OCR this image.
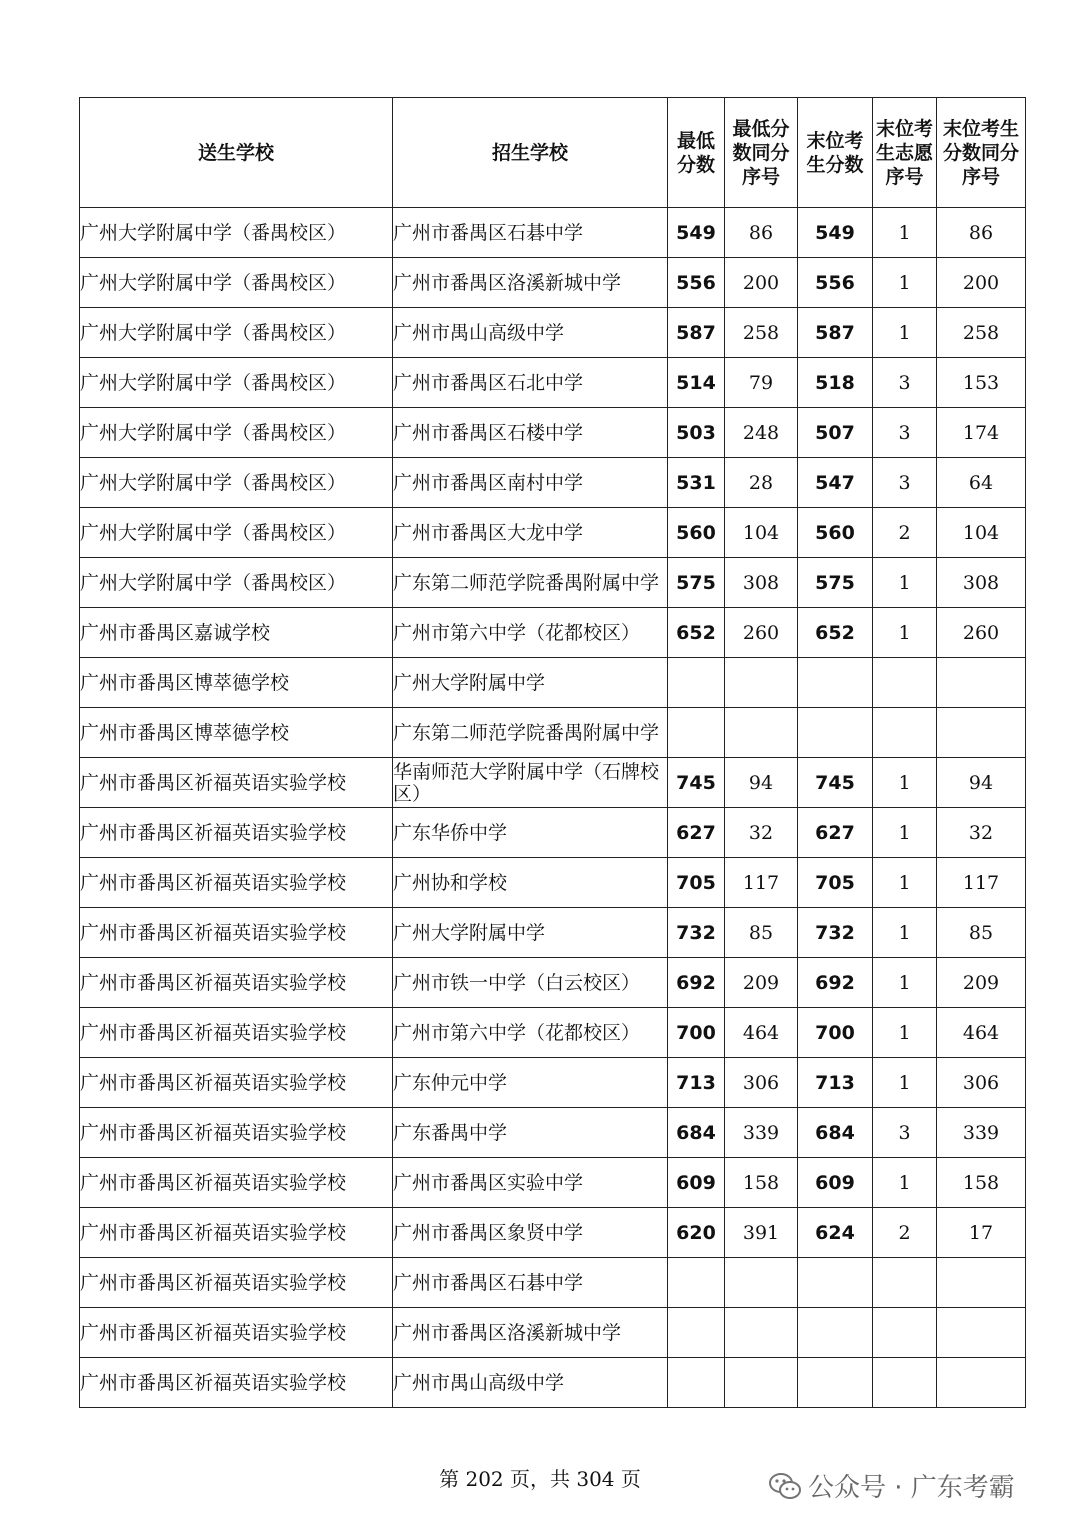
送生学校	招生学校	最低分数	最低分数同分序号	末位考生分数	末位考生志愿序号	末位考生分数同分序号
广州大学附属中学（番禺校区）	广州市番禺区石碁中学	549	86	549	1	86
广州大学附属中学（番禺校区）	广州市番禺区洛溪新城中学	556	200	556	1	200
广州大学附属中学（番禺校区）	广州市禺山高级中学	587	258	587	1	258
广州大学附属中学（番禺校区）	广州市番禺区石北中学	514	79	518	3	153
广州大学附属中学（番禺校区）	广州市番禺区石楼中学	503	248	507	3	174
广州大学附属中学（番禺校区）	广州市番禺区南村中学	531	28	547	3	64
广州大学附属中学（番禺校区）	广州市番禺区大龙中学	560	104	560	2	104
广州大学附属中学（番禺校区）	广东第二师范学院番禺附属中学	575	308	575	1	308
广州市番禺区嘉诚学校	广州市第六中学（花都校区）	652	260	652	1	260
广州市番禺区博萃德学校	广州大学附属中学					
广州市番禺区博萃德学校	广东第二师范学院番禺附属中学					
广州市番禺区祈福英语实验学校	华南师范大学附属中学（石牌校区）	745	94	745	1	94
广州市番禺区祈福英语实验学校	广东华侨中学	627	32	627	1	32
广州市番禺区祈福英语实验学校	广州协和学校	705	117	705	1	117
广州市番禺区祈福英语实验学校	广州大学附属中学	732	85	732	1	85
广州市番禺区祈福英语实验学校	广州市铁一中学（白云校区）	692	209	692	1	209
广州市番禺区祈福英语实验学校	广州市第六中学（花都校区）	700	464	700	1	464
广州市番禺区祈福英语实验学校	广东仲元中学	713	306	713	1	306
广州市番禺区祈福英语实验学校	广东番禺中学	684	339	684	3	339
广州市番禺区祈福英语实验学校	广州市番禺区实验中学	609	158	609	1	158
广州市番禺区祈福英语实验学校	广州市番禺区象贤中学	620	391	624	2	17
广州市番禺区祈福英语实验学校	广州市番禺区石碁中学					
广州市番禺区祈福英语实验学校	广州市番禺区洛溪新城中学					
广州市番禺区祈福英语实验学校	广州市禺山高级中学					
第 202 页，共 304 页	公众号 · 广东考霸
